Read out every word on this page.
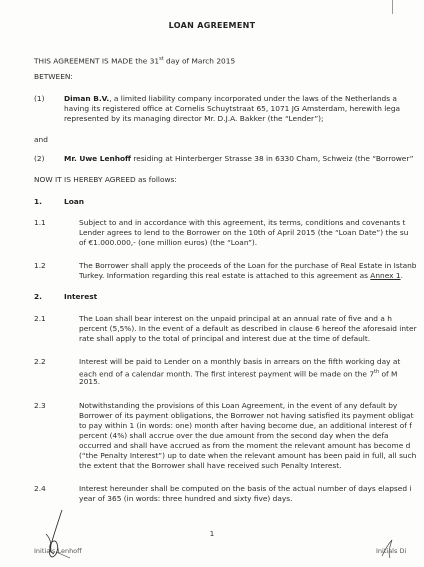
LOAN AGREEMENT
THIS AGREEMENT IS MADE the 31st day of March 2015
BETWEEN:
(1)	Diman B.V., a limited liability company incorporated under the laws of the Netherlands a
having its registered office at Cornelis Schuytstraat 65, 1071 JG Amsterdam, herewith lega
represented by its managing director Mr. D.J.A. Bakker (the “Lender”);
and
(2)	Mr. Uwe Lenhoff residing at Hinterberger Strasse 38 in 6330 Cham, Schweiz (the “Borrower”
NOW IT IS HEREBY AGREED as follows:
1.	Loan
1.1	Subject to and in accordance with this agreement, its terms, conditions and covenants t
Lender agrees to lend to the Borrower on the 10th of April 2015 (the “Loan Date”) the su
of €1.000.000,- (one million euros) (the “Loan”).
1.2	The Borrower shall apply the proceeds of the Loan for the purchase of Real Estate in Istanb
Turkey. Information regarding this real estate is attached to this agreement as Annex 1.
2.	Interest
2.1	The Loan shall bear interest on the unpaid principal at an annual rate of five and a h
percent (5,5%). In the event of a default as described in clause 6 hereof the aforesaid inter
rate shall apply to the total of principal and interest due at the time of default.
2.2	Interest will be paid to Lender on a monthly basis in arrears on the fifth working day at
each end of a calendar month. The first interest payment will be made on the 7th of M
2015.
2.3	Notwithstanding the provisions of this Loan Agreement, in the event of any default by
Borrower of its payment obligations, the Borrower not having satisfied its payment obligat
to pay within 1 (in words: one) month after having become due, an additional interest of f
percent (4%) shall accrue over the due amount from the second day when the defa
occurred and shall have accrued as from the moment the relevant amount has become d
(“the Penalty Interest”) up to date when the relevant amount has been paid in full, all such
the extent that the Borrower shall have received such Penalty Interest.
2.4	Interest hereunder shall be computed on the basis of the actual number of days elapsed i
year of 365 (in words: three hundred and sixty five) days.
1
Initials Lenhoff	Initials Di
